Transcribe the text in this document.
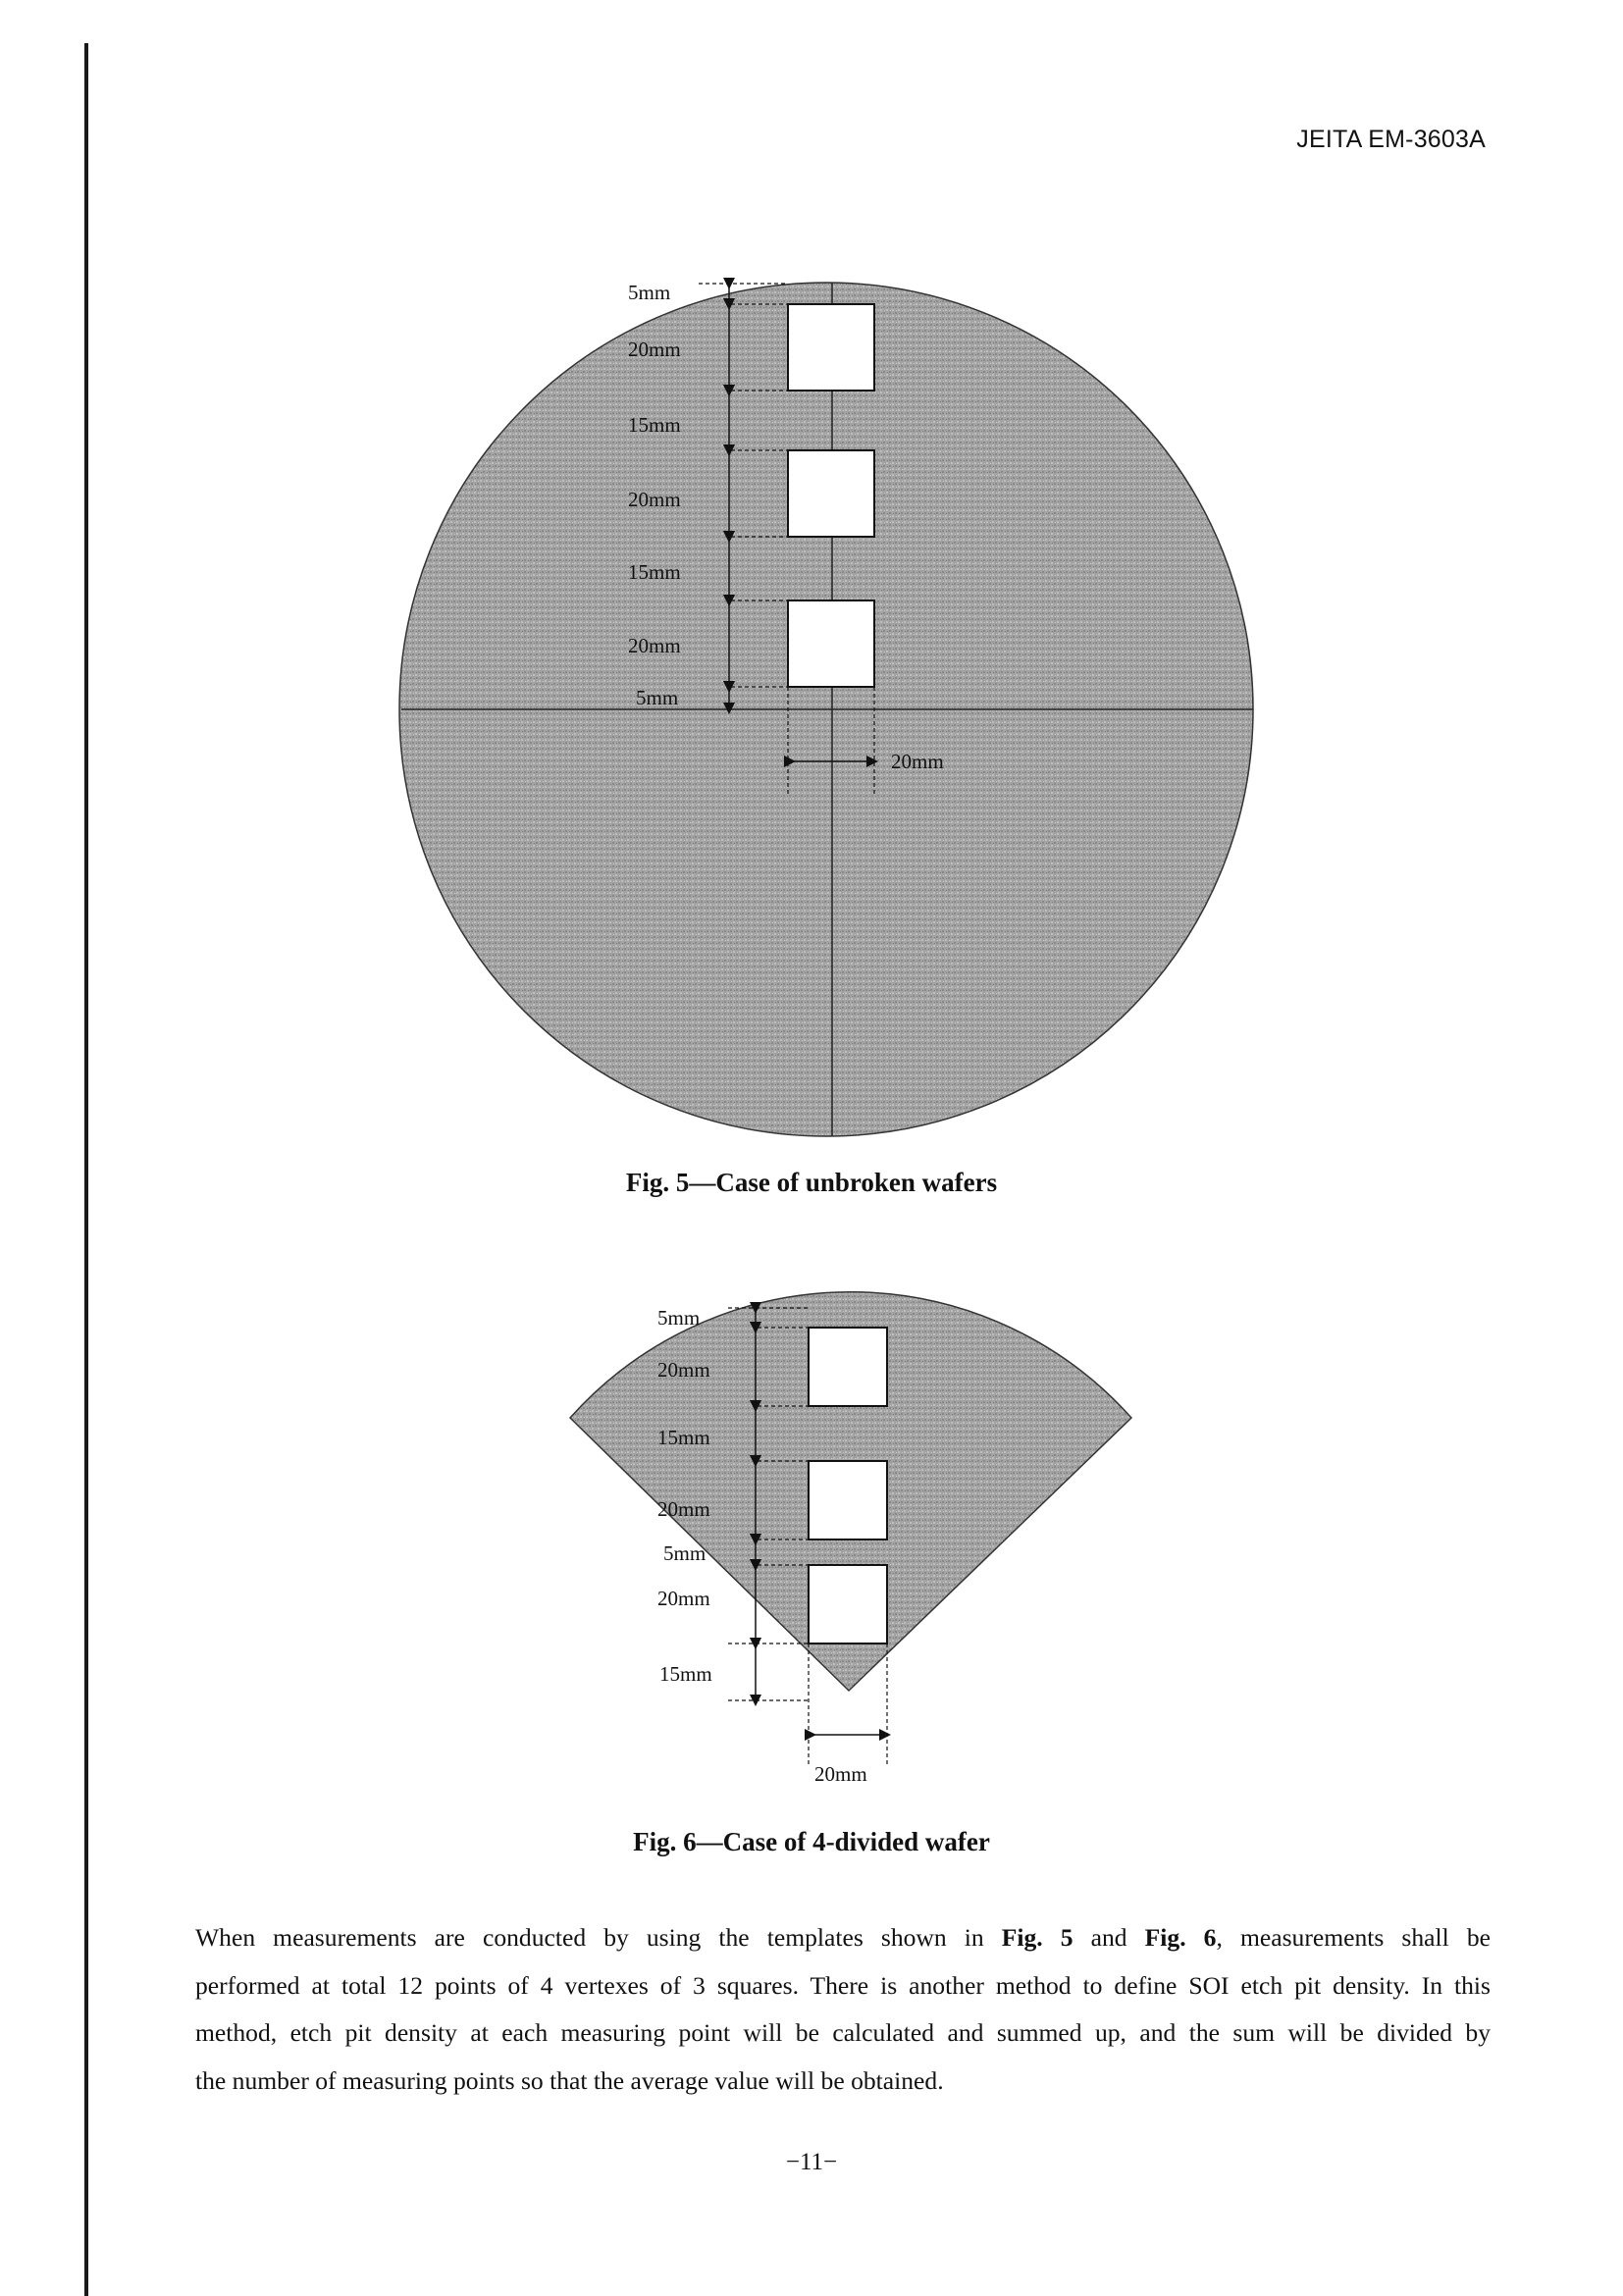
JEITA EM-3603A
5mm
20mm
15mm
20mm
15mm
20mm
5mm
20mm
5mm
20mm
15mm
20mm
5mm
20mm
15mm
20mm
Fig. 5—Case of unbroken wafers
Fig. 6—Case of 4-divided wafer
When measurements are conducted by using the templates shown in Fig. 5 and Fig. 6, measurements shall be
performed at total 12 points of 4 vertexes of 3 squares. There is another method to define SOI etch pit density. In this
method, etch pit density at each measuring point will be calculated and summed up, and the sum will be divided by
the number of measuring points so that the average value will be obtained.
−11−
